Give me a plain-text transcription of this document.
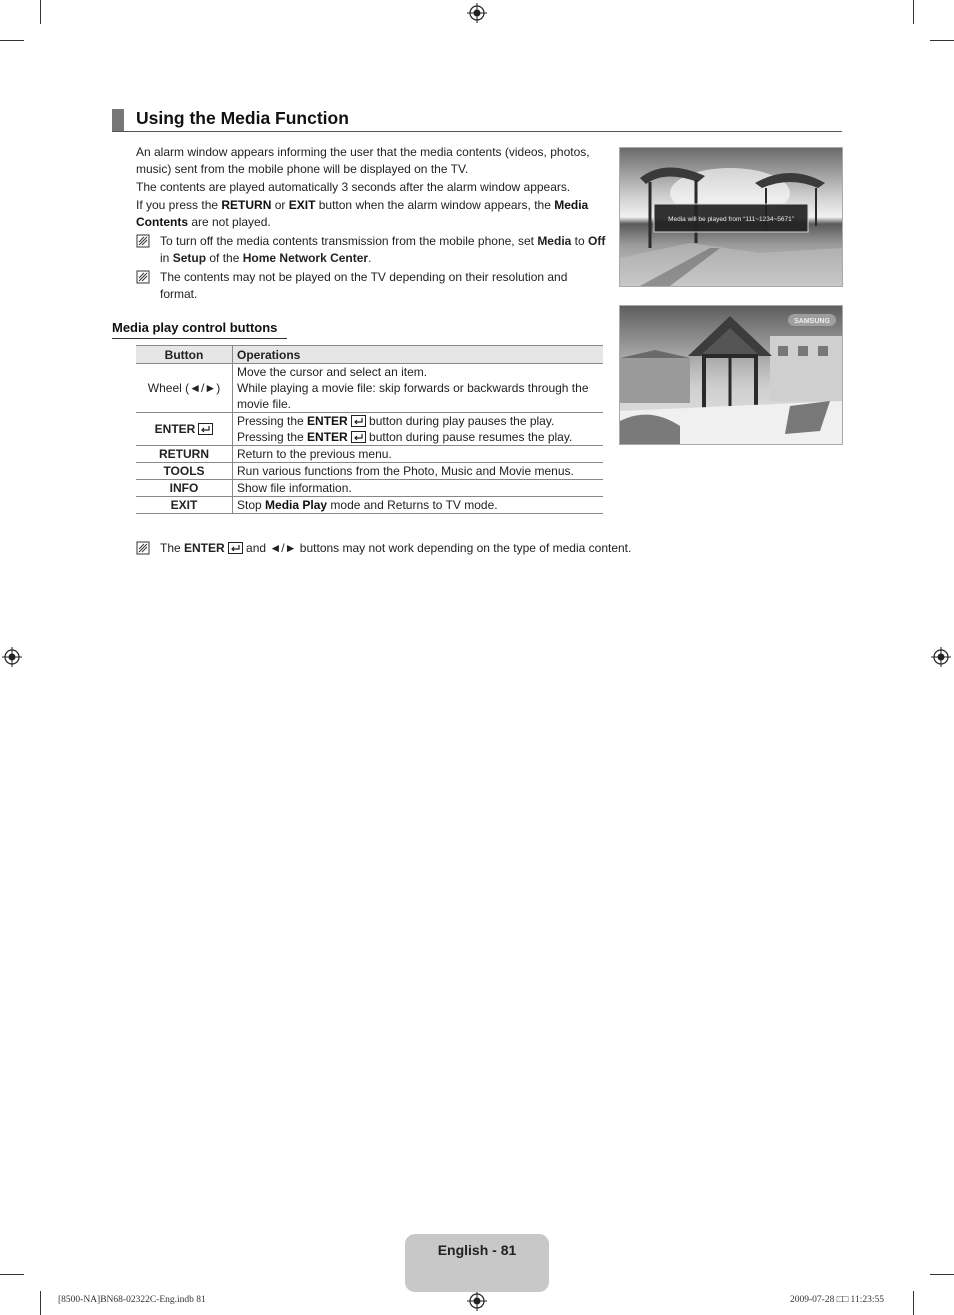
Using the Media Function
An alarm window appears informing the user that the media contents (videos, photos, music) sent from the mobile phone will be displayed on the TV.
The contents are played automatically 3 seconds after the alarm window appears.
If you press the RETURN or EXIT button when the alarm window appears, the Media Contents are not played.
To turn off the media contents transmission from the mobile phone, set Media to Off in Setup of the Home Network Center.
The contents may not be played on the TV depending on their resolution and format.
Media play control buttons
Button	Operations
Wheel (◄/►)	Move the cursor and select an item.
While playing a movie file: skip forwards or backwards through the movie file.

ENTER	Pressing the ENTER button during play pauses the play.
Pressing the ENTER button during pause resumes the play.

RETURN	Return to the previous menu.
TOOLS	Run various functions from the Photo, Music and Movie menus.
INFO	Show file information.
EXIT	Stop Media Play mode and Returns to TV mode.
The ENTER and ◄/► buttons may not work depending on the type of media content.
Media will be played from “111~1234~5671”
SAMSUNG
English - 81
[8500-NA]BN68-02322C-Eng.indb 81	2009-07-28 □□ 11:23:55
